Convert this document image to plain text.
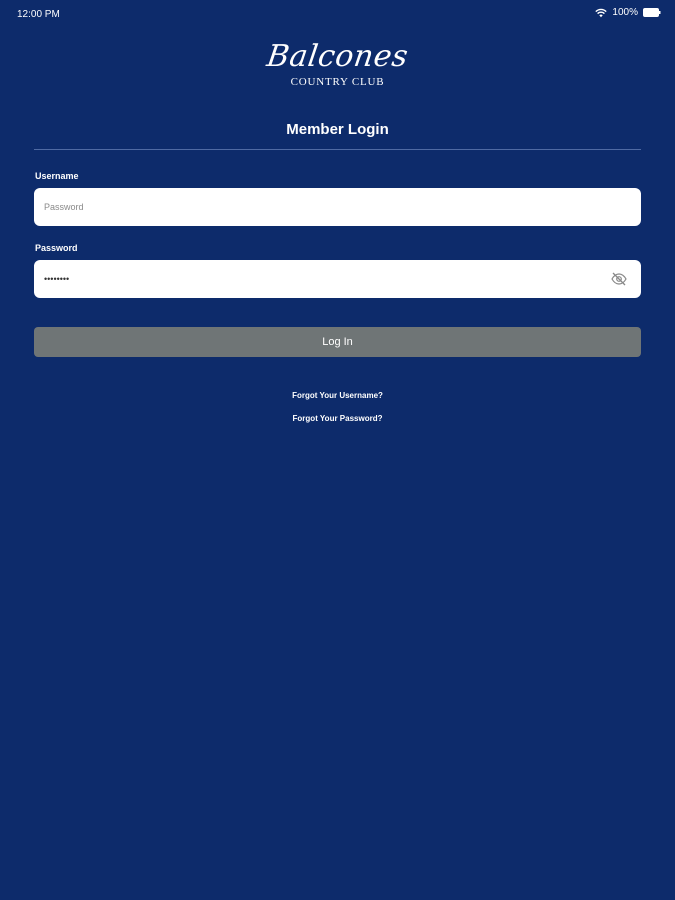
12:00 PM	100%
Balcones
COUNTRY CLUB
Member Login
Username
Password
Password
Log In
Forgot Your Username?
Forgot Your Password?
